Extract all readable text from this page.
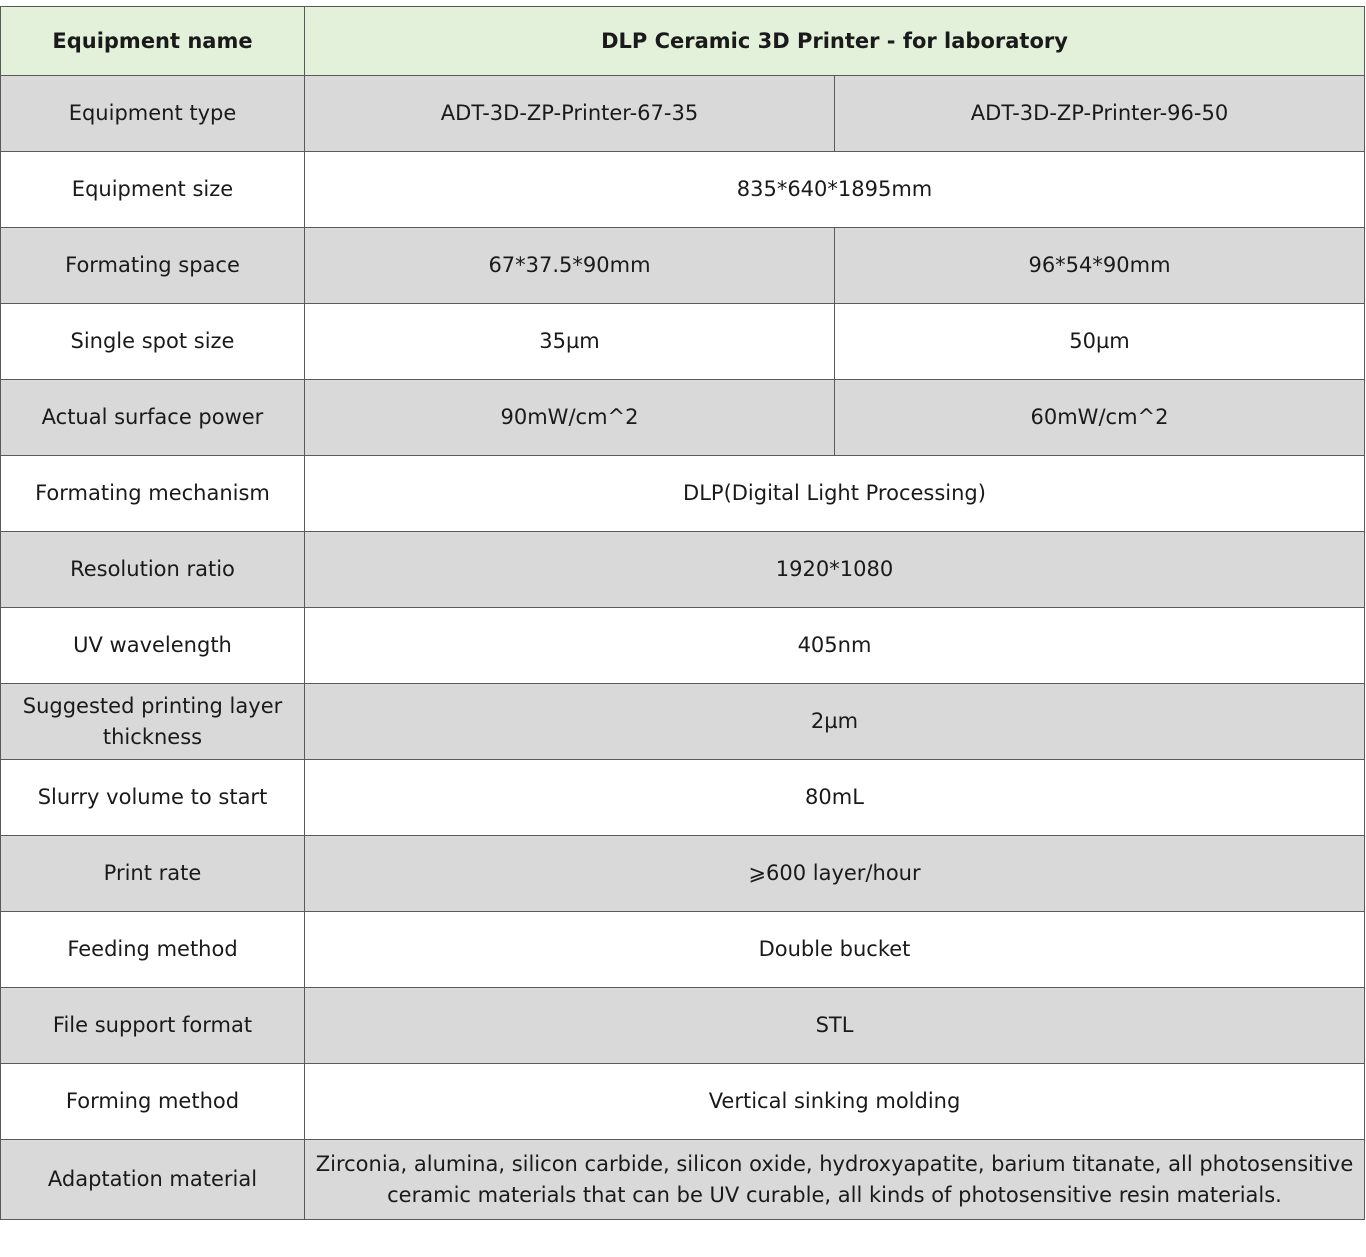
Equipment name	DLP Ceramic 3D Printer - for laboratory	
Equipment type	ADT-3D-ZP-Printer-67-35	ADT-3D-ZP-Printer-96-50
Equipment size	835*640*1895mm	
Formating space	67*37.5*90mm	96*54*90mm
Single spot size	35µm	50µm
Actual surface power	90mW/cm^2	60mW/cm^2
Formating mechanism	DLP(Digital Light Processing)	
Resolution ratio	1920*1080	
UV wavelength	405nm	
Suggested printing layer thickness	2µm	
Slurry volume to start	80mL	
Print rate	⩾600 layer/hour	
Feeding method	Double bucket	
File support format	STL	
Forming method	Vertical sinking molding	
Adaptation material	Zirconia, alumina, silicon carbide, silicon oxide, hydroxyapatite, barium titanate, all photosensitive ceramic materials that can be UV curable, all kinds of photosensitive resin materials.	
